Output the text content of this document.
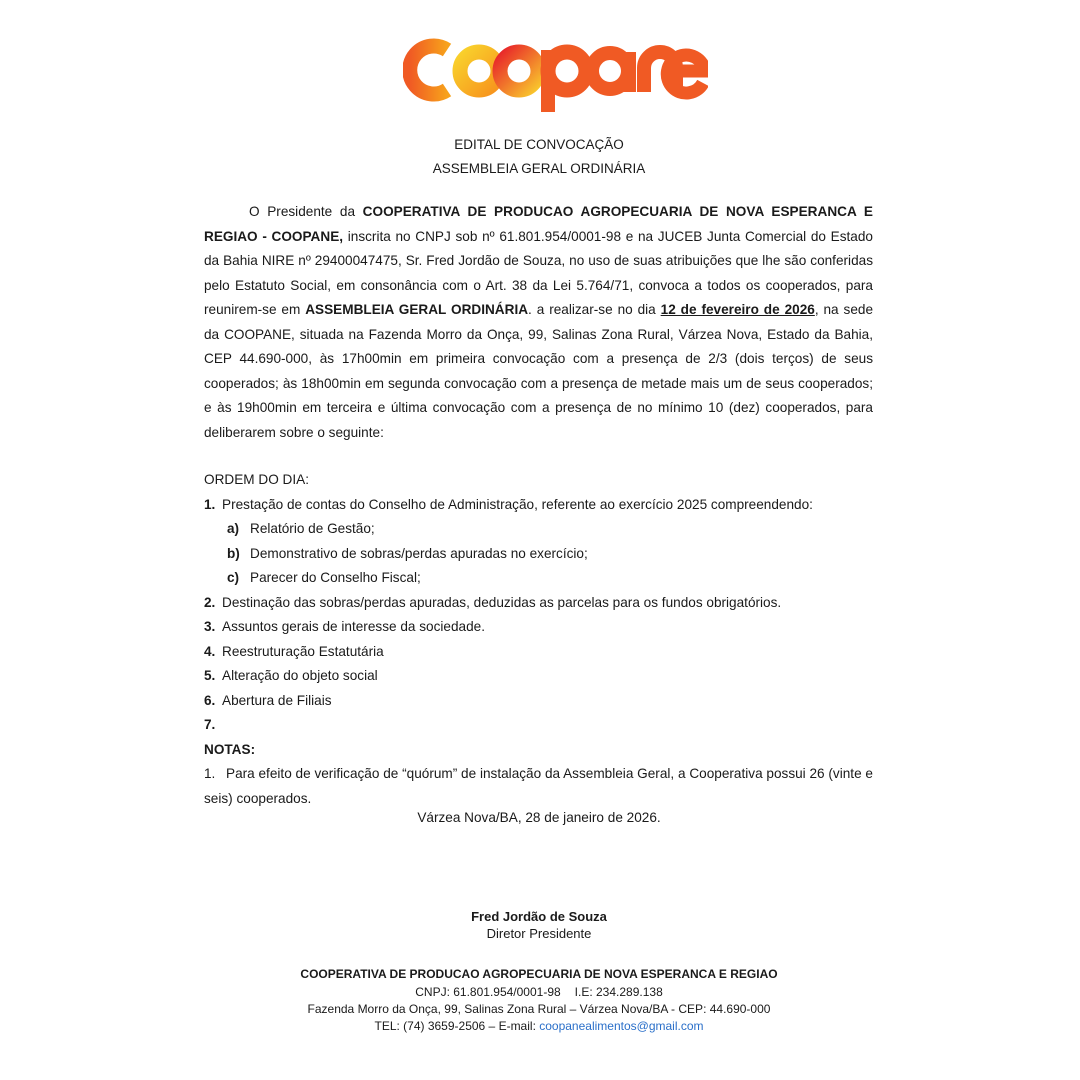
EDITAL DE CONVOCAÇÃO
ASSEMBLEIA GERAL ORDINÁRIA

O Presidente da COOPERATIVA DE PRODUCAO AGROPECUARIA DE NOVA ESPERANCA E REGIAO - COOPANE, inscrita no CNPJ sob nº 61.801.954/0001-98 e na JUCEB Junta Comercial do Estado da Bahia NIRE nº 29400047475, Sr. Fred Jordão de Souza, no uso de suas atribuições que lhe são conferidas pelo Estatuto Social, em consonância com o Art. 38 da Lei 5.764/71, convoca a todos os cooperados, para reunirem-se em ASSEMBLEIA GERAL ORDINÁRIA. a realizar-se no dia 12 de fevereiro de 2026, na sede da COOPANE, situada na Fazenda Morro da Onça, 99, Salinas Zona Rural, Várzea Nova, Estado da Bahia, CEP 44.690-000, às 17h00min em primeira convocação com a presença de 2/3 (dois terços) de seus cooperados; às 18h00min em segunda convocação com a presença de metade mais um de seus cooperados; e às 19h00min em terceira e última convocação com a presença de no mínimo 10 (dez) cooperados, para deliberarem sobre o seguinte:

ORDEM DO DIA:
1. Prestação de contas do Conselho de Administração, referente ao exercício 2025 compreendendo:
a) Relatório de Gestão;
b) Demonstrativo de sobras/perdas apuradas no exercício;
c) Parecer do Conselho Fiscal;
2. Destinação das sobras/perdas apuradas, deduzidas as parcelas para os fundos obrigatórios.
3. Assuntos gerais de interesse da sociedade.
4. Reestruturação Estatutária
5. Alteração do objeto social
6. Abertura de Filiais
7.
NOTAS:
1. Para efeito de verificação de “quórum” de instalação da Assembleia Geral, a Cooperativa possui 26 (vinte e seis) cooperados.
Várzea Nova/BA, 28 de janeiro de 2026.
Fred Jordão de Souza
Diretor Presidente
COOPERATIVA DE PRODUCAO AGROPECUARIA DE NOVA ESPERANCA E REGIAO
CNPJ: 61.801.954/0001-98 I.E: 234.289.138
Fazenda Morro da Onça, 99, Salinas Zona Rural – Várzea Nova/BA - CEP: 44.690-000
TEL: (74) 3659-2506 – E-mail: coopanealimentos@gmail.com
